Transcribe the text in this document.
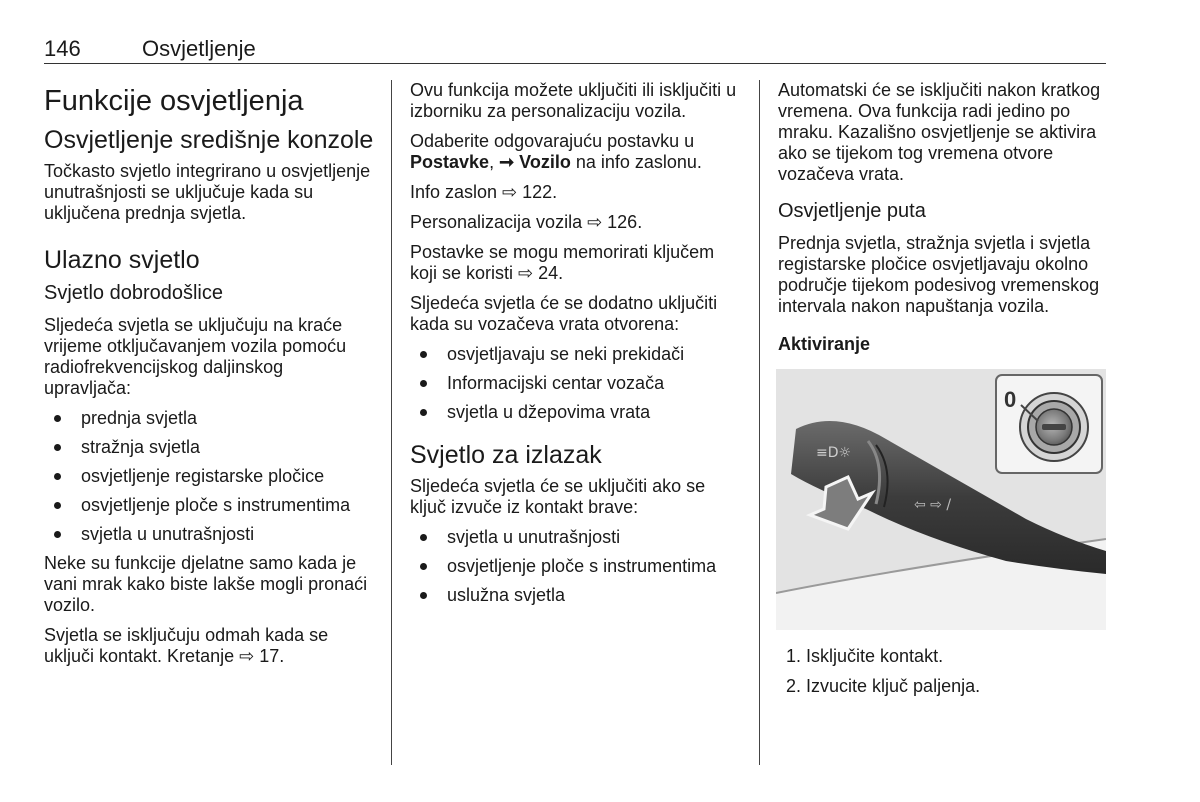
146	Osvjetljenje
Funkcije osvjetljenja
Osvjetljenje središnje konzole

Točkasto svjetlo integrirano u osvjetljenje unutrašnjosti se uključuje kada su uključena prednja svjetla.

Ulazno svjetlo
Svjetlo dobrodošlice

Sljedeća svjetla se uključuju na kraće vrijeme otključavanjem vozila pomoću radiofrekvencijskog daljinskog upravljača:

prednja svjetla
stražnja svjetla
osvjetljenje registarske pločice
osvjetljenje ploče s instrumentima
svjetla u unutrašnjosti

Neke su funkcije djelatne samo kada je vani mrak kako biste lakše mogli pronaći vozilo.

Svjetla se isključuju odmah kada se uključi kontakt. Kretanje ⇨ 17.

Ovu funkcija možete uključiti ili isključiti u izborniku za personalizaciju vozila.

Odaberite odgovarajuću postavku u Postavke, ➞ Vozilo na info zaslonu.

Info zaslon ⇨ 122.

Personalizacija vozila ⇨ 126.

Postavke se mogu memorirati ključem koji se koristi ⇨ 24.

Sljedeća svjetla će se dodatno uključiti kada su vozačeva vrata otvorena:

osvjetljavaju se neki prekidači
Informacijski centar vozača
svjetla u džepovima vrata
Svjetlo za izlazak

Sljedeća svjetla će se uključiti ako se ključ izvuče iz kontakt brave:

svjetla u unutrašnjosti
osvjetljenje ploče s instrumentima
uslužna svjetla

Automatski će se isključiti nakon kratkog vremena. Ova funkcija radi jedino po mraku. Kazališno osvjetljenje se aktivira ako se tijekom tog vremena otvore vozačeva vrata.

Osvjetljenje puta

Prednja svjetla, stražnja svjetla i svjetla registarske pločice osvjetljavaju okolno područje tijekom podesivog vremenskog intervala nakon napuštanja vozila.

Aktiviranje
≡D☼
⇦ ⇨ /
0
1. Isključite kontakt.
2. Izvucite ključ paljenja.
